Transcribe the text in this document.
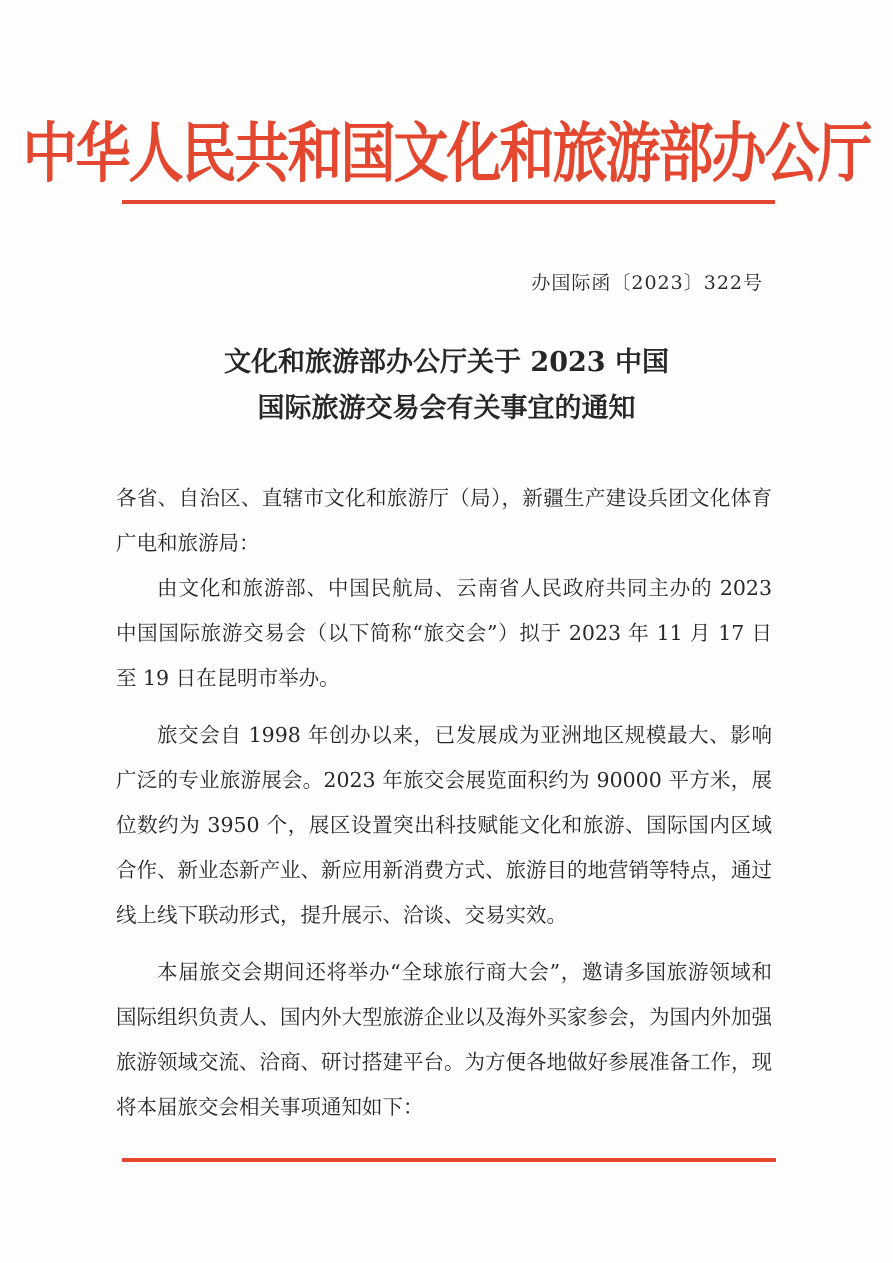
中华人民共和国文化和旅游部办公厅
办国际函〔2023〕322号
文化和旅游部办公厅关于 2023 中国
国际旅游交易会有关事宜的通知

各省、自治区、直辖市文化和旅游厅（局），新疆生产建设兵团文化体育广电和旅游局：

由文化和旅游部、中国民航局、云南省人民政府共同主办的 2023 中国国际旅游交易会（以下简称“旅交会”）拟于 2023 年 11 月 17 日至 19 日在昆明市举办。

旅交会自 1998 年创办以来，已发展成为亚洲地区规模最大、影响广泛的专业旅游展会。2023 年旅交会展览面积约为 90000 平方米，展位数约为 3950 个，展区设置突出科技赋能文化和旅游、国际国内区域合作、新业态新产业、新应用新消费方式、旅游目的地营销等特点，通过线上线下联动形式，提升展示、洽谈、交易实效。

本届旅交会期间还将举办“全球旅行商大会”，邀请多国旅游领域和国际组织负责人、国内外大型旅游企业以及海外买家参会，为国内外加强旅游领域交流、洽商、研讨搭建平台。为方便各地做好参展准备工作，现将本届旅交会相关事项通知如下：
